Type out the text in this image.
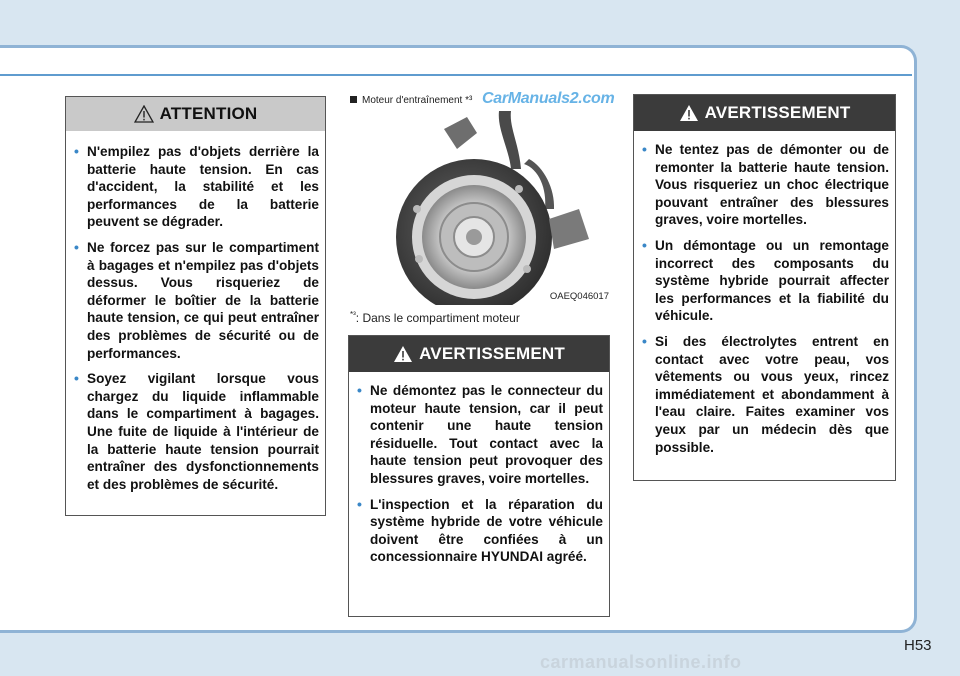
ATTENTION
• N'empilez pas d'objets derrière la batterie haute tension. En cas d'accident, la stabilité et les performances de la batterie peuvent se dégrader.
• Ne forcez pas sur le compartiment à bagages et n'empilez pas d'objets dessus. Vous risqueriez de déformer le boîtier de la batterie haute tension, ce qui peut entraîner des problèmes de sécurité ou de performances.
• Soyez vigilant lorsque vous chargez du liquide inflammable dans le compartiment à bagages. Une fuite de liquide à l'intérieur de la batterie haute tension pourrait entraîner des dysfonctionnements et des problèmes de sécurité.
Moteur d'entraînement *³ CarManuals2.com
OAEQ046017
$^{*^3}$: Dans le compartiment moteur
AVERTISSEMENT
• Ne démontez pas le connecteur du moteur haute tension, car il peut contenir une haute tension résiduelle. Tout contact avec la haute tension peut provoquer des blessures graves, voire mortelles.
• L'inspection et la réparation du système hybride de votre véhicule doivent être confiées à un concessionnaire HYUNDAI agréé.
AVERTISSEMENT
• Ne tentez pas de démonter ou de remonter la batterie haute tension. Vous risqueriez un choc électrique pouvant entraîner des blessures graves, voire mortelles.
• Un démontage ou un remontage incorrect des composants du système hybride pourrait affecter les performances et la fiabilité du véhicule.
• Si des électrolytes entrent en contact avec votre peau, vos vêtements ou vous yeux, rincez immédiatement et abondamment à l'eau claire. Faites examiner vos yeux par un médecin dès que possible.
H53
carmanualsonline.info
